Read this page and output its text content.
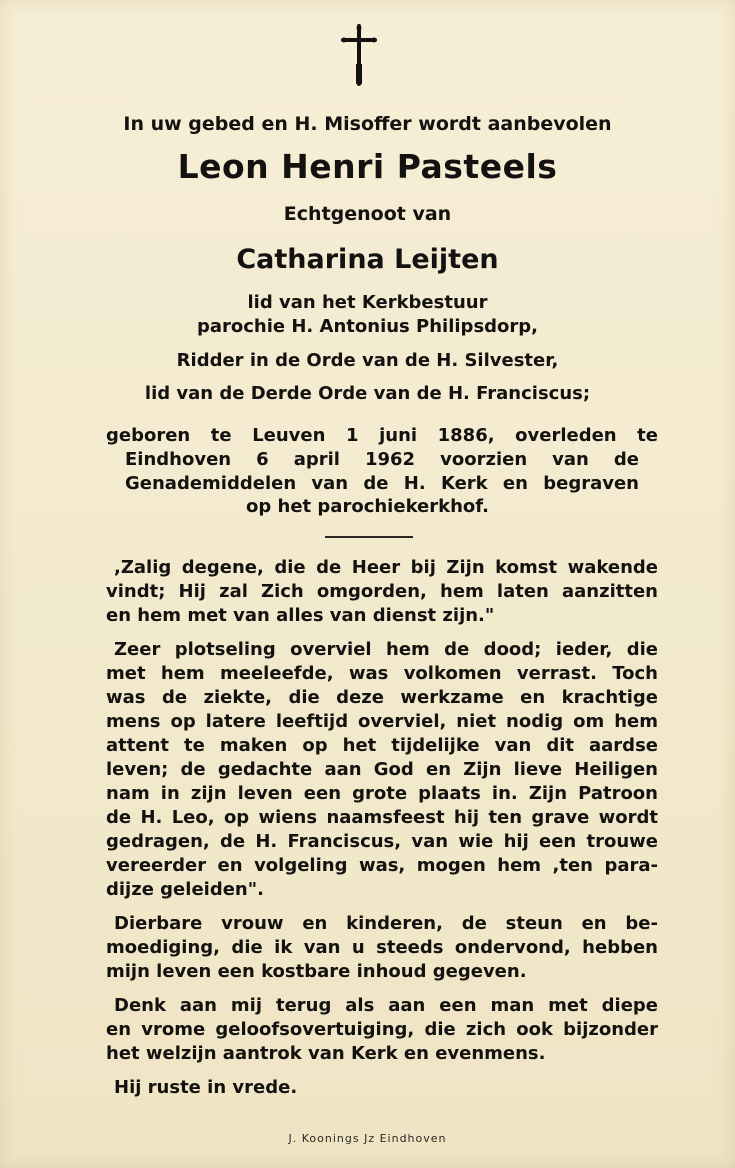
In uw gebed en H. Misoffer wordt aanbevolen
Leon Henri Pasteels
Echtgenoot van
Catharina Leijten
lid van het Kerkbestuur
parochie H. Antonius Philipsdorp,
Ridder in de Orde van de H. Silvester,
lid van de Derde Orde van de H. Franciscus;
geboren te Leuven 1 juni 1886, overleden te
Eindhoven 6 april 1962 voorzien van de
Genademiddelen van de H. Kerk en begraven
op het parochiekerkhof.
,Zalig degene, die de Heer bij Zijn komst wakende
vindt; Hij zal Zich omgorden, hem laten aanzitten
en hem met van alles van dienst zijn."
Zeer plotseling overviel hem de dood; ieder, die
met hem meeleefde, was volkomen verrast. Toch
was de ziekte, die deze werkzame en krachtige
mens op latere leeftijd overviel, niet nodig om hem
attent te maken op het tijdelijke van dit aardse
leven; de gedachte aan God en Zijn lieve Heiligen
nam in zijn leven een grote plaats in. Zijn Patroon
de H. Leo, op wiens naamsfeest hij ten grave wordt
gedragen, de H. Franciscus, van wie hij een trouwe
vereerder en volgeling was, mogen hem ,ten para-
dijze geleiden".
Dierbare vrouw en kinderen, de steun en be-
moediging, die ik van u steeds ondervond, hebben
mijn leven een kostbare inhoud gegeven.
Denk aan mij terug als aan een man met diepe
en vrome geloofsovertuiging, die zich ook bijzonder
het welzijn aantrok van Kerk en evenmens.
Hij ruste in vrede.
J. Koonings Jz Eindhoven
